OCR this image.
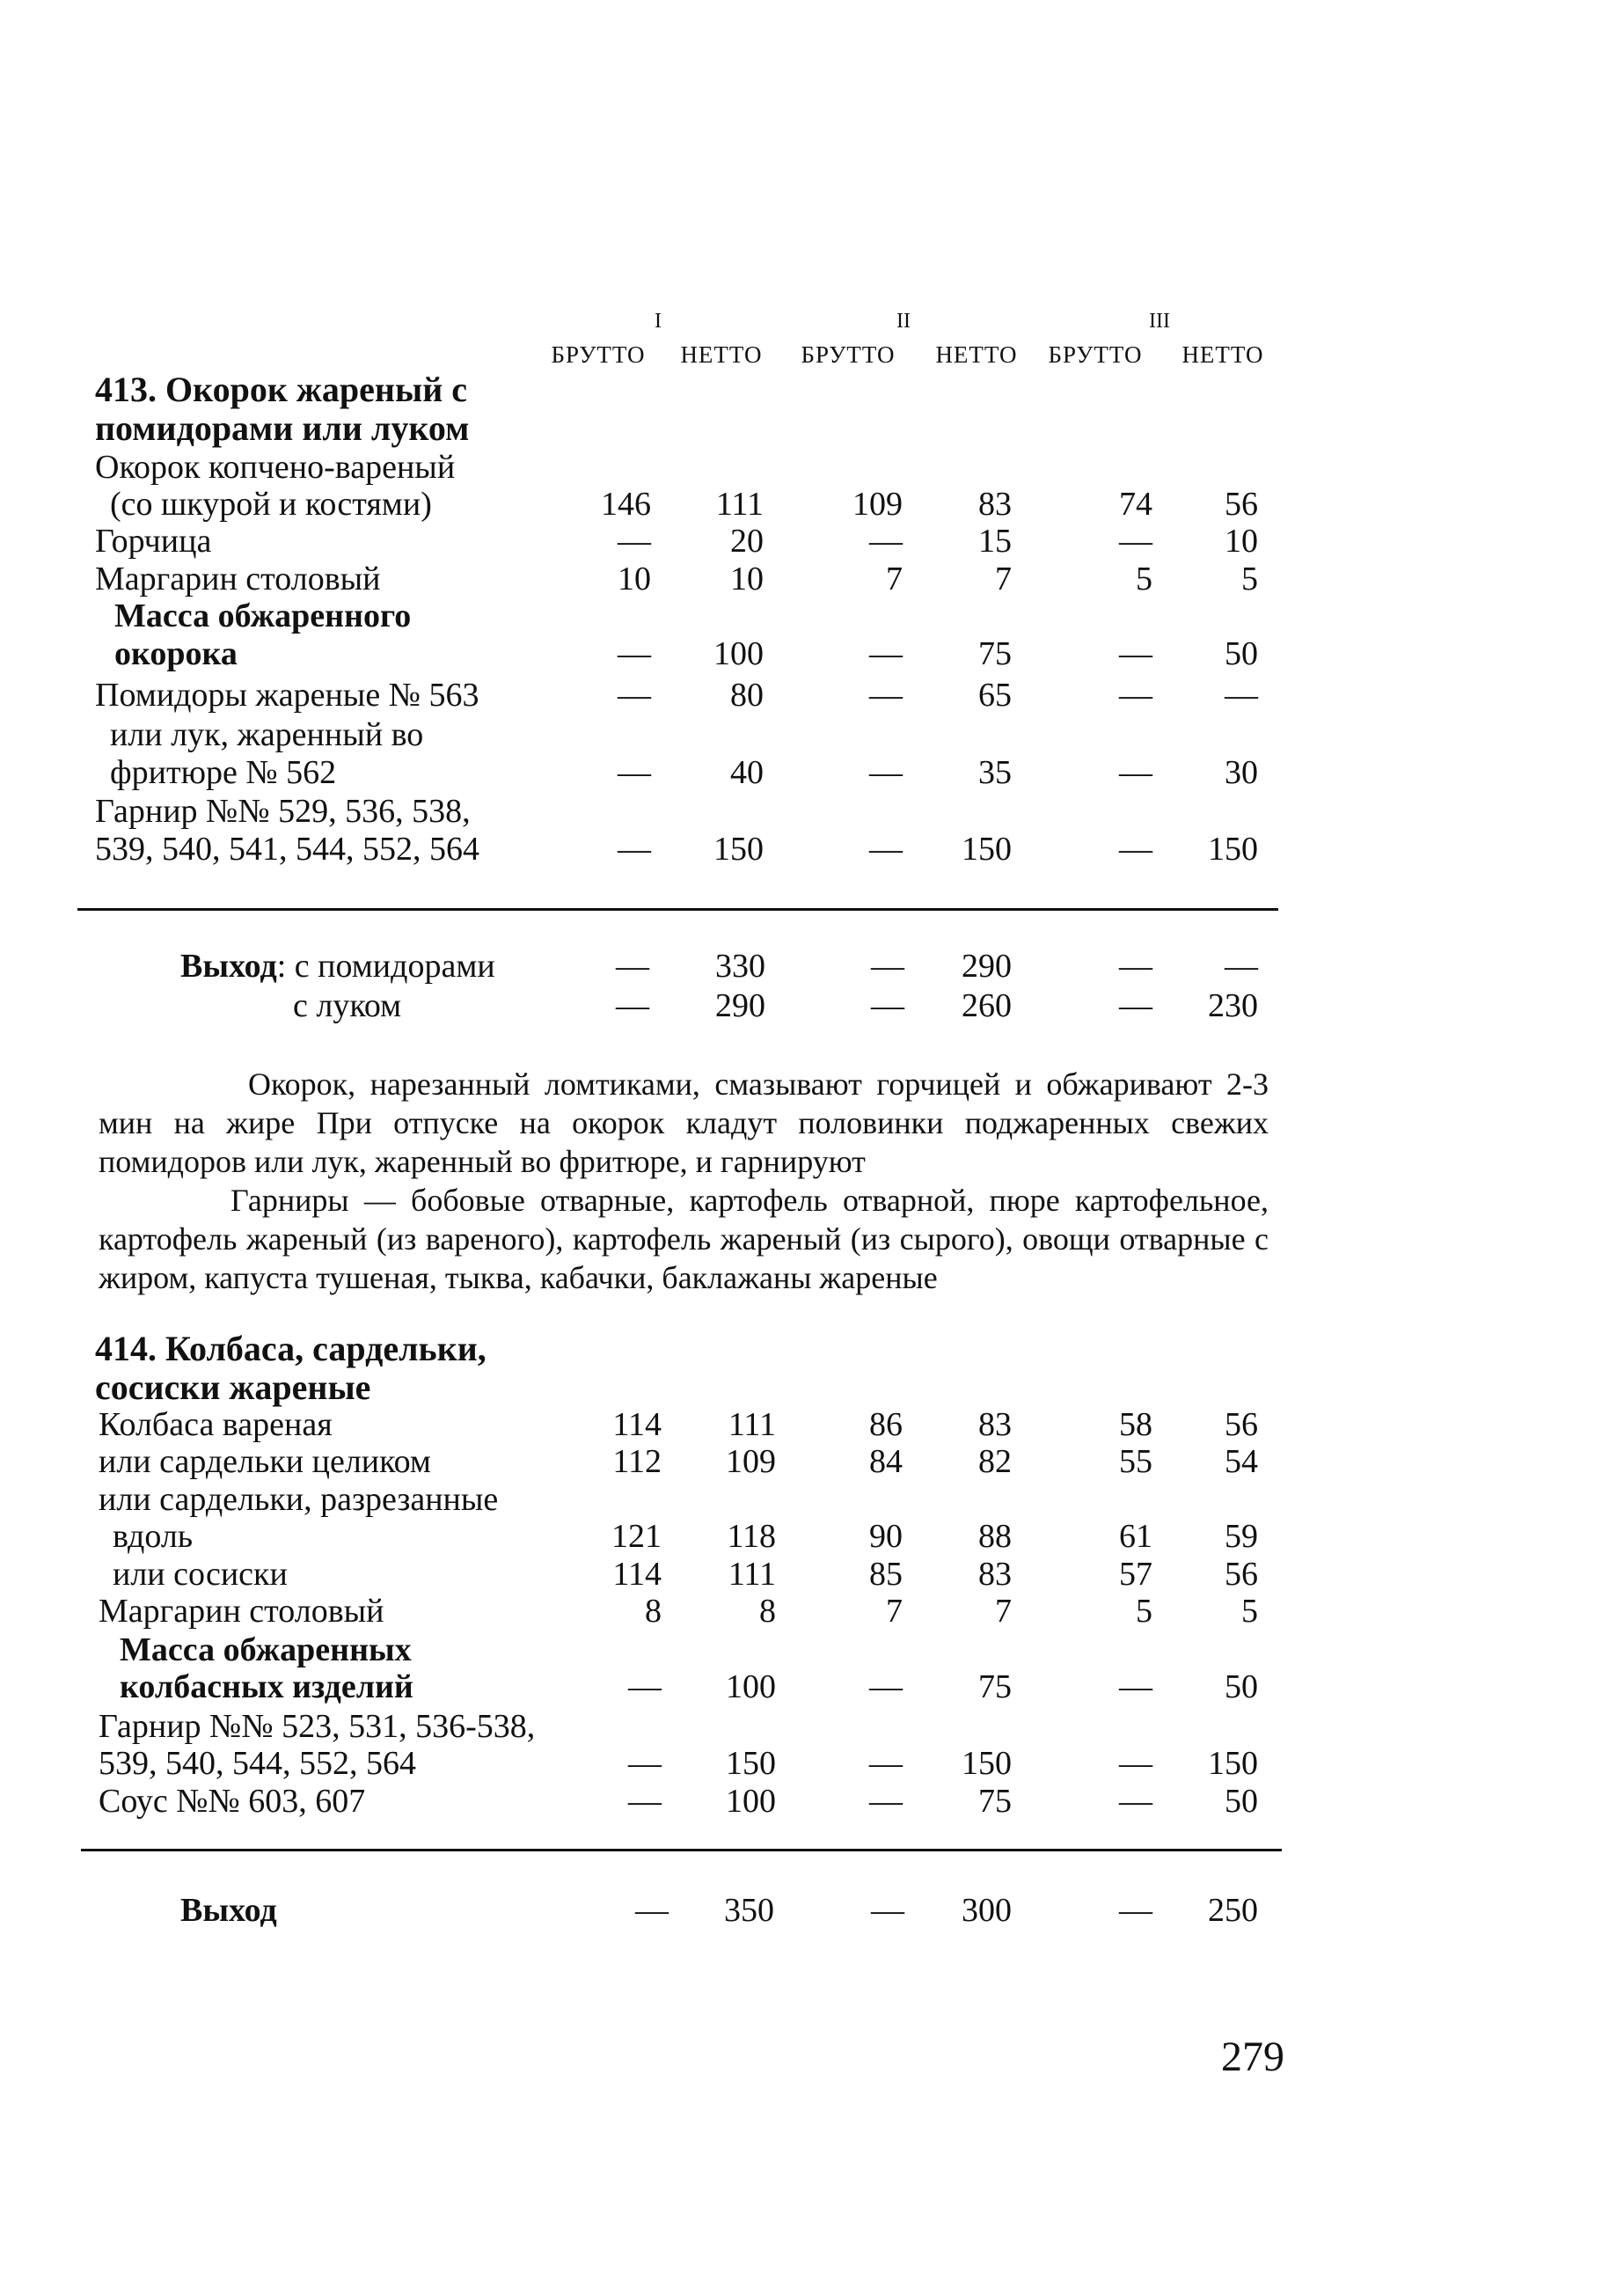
I	II	III
БРУТТО	НЕТТО	БРУТТО	НЕТТО	БРУТТО	НЕТТО
413. Окорок жареный с
помидорами или луком
Окорок копчено-вареный
(со шкурой и костями)	146	111	109	83	74	56
Горчица	—	20	—	15	—	10
Маргарин столовый	10	10	7	7	5	5
Масса обжаренного
окорока	—	100	—	75	—	50
Помидоры жареные № 563	—	80	—	65	—	—
или лук, жаренный во
фритюре № 562	—	40	—	35	—	30
Гарнир №№ 529, 536, 538,
539, 540, 541, 544, 552, 564	—	150	—	150	—	150
Выход: с помидорами	—	330	—	290	—	—
с луком	—	290	—	260	—	230
Окорок, нарезанный ломтиками, смазывают горчицей и обжаривают 2-3 мин на жире При отпуске на окорок кладут половинки поджаренных свежих помидоров или лук, жаренный во фритюре, и гарнируют
Гарниры — бобовые отварные, картофель отварной, пюре картофельное, картофель жареный (из вареного), картофель жареный (из сырого), овощи отварные с жиром, капуста тушеная, тыква, кабачки, баклажаны жареные
414. Колбаса, сардельки,
сосиски жареные
Колбаса вареная	114	111	86	83	58	56
или сардельки целиком	112	109	84	82	55	54
или сардельки, разрезанные
вдоль	121	118	90	88	61	59
или сосиски	114	111	85	83	57	56
Маргарин столовый	8	8	7	7	5	5
Масса обжаренных
колбасных изделий	—	100	—	75	—	50
Гарнир №№ 523, 531, 536-538,
539, 540, 544, 552, 564	—	150	—	150	—	150
Соус №№ 603, 607	—	100	—	75	—	50
Выход	—	350	—	300	—	250
279
